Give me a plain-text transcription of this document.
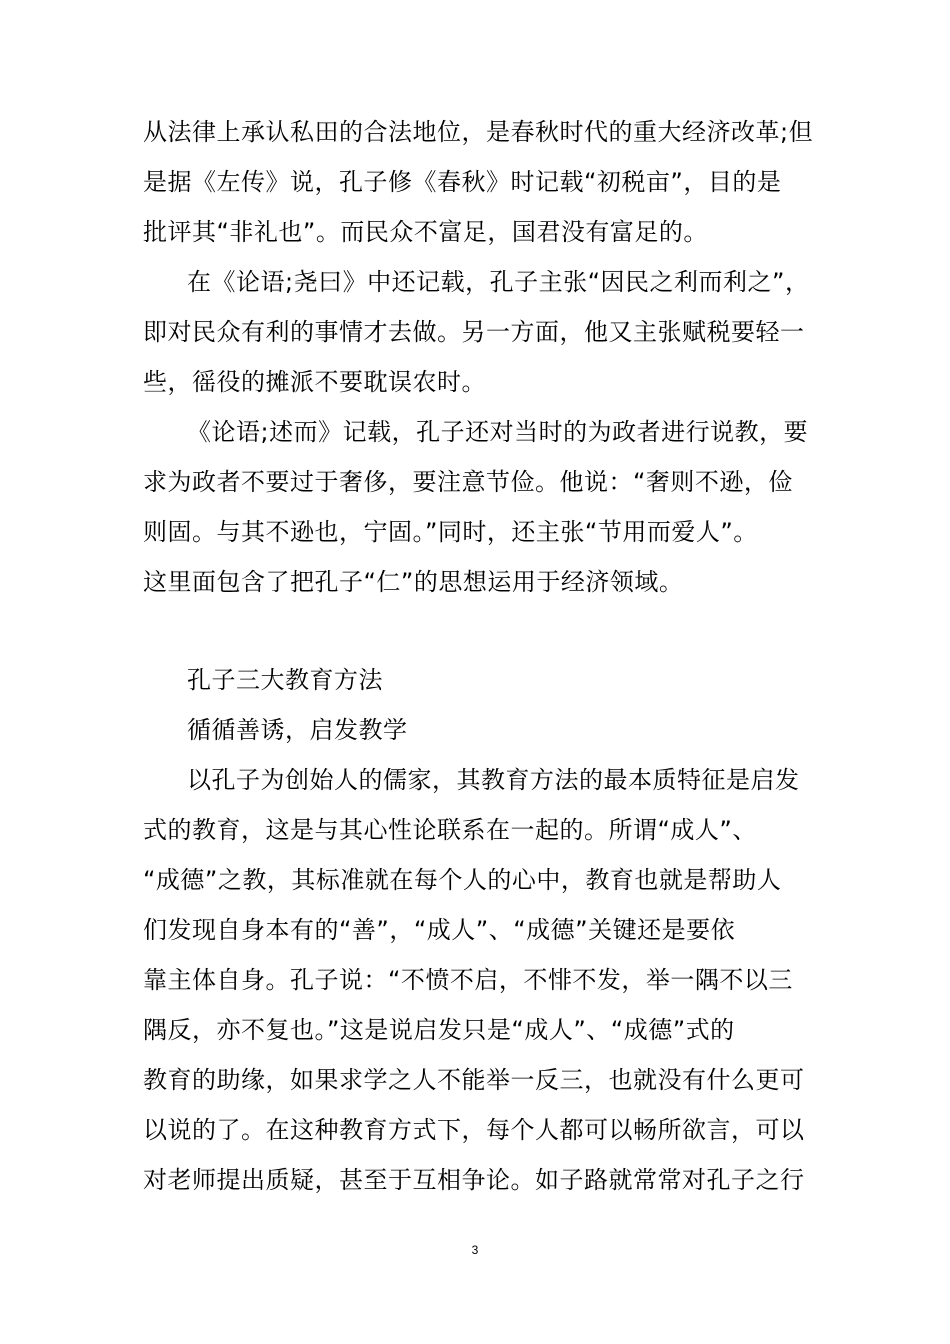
从法律上承认私田的合法地位，是春秋时代的重大经济改革;但
是据《左传》说，孔子修《春秋》时记载“初税亩”，目的是
批评其“非礼也”。而民众不富足，国君没有富足的。
在《论语;尧曰》中还记载，孔子主张“因民之利而利之”，
即对民众有利的事情才去做。另一方面，他又主张赋税要轻一
些，徭役的摊派不要耽误农时。
《论语;述而》记载，孔子还对当时的为政者进行说教，要
求为政者不要过于奢侈，要注意节俭。他说：“奢则不逊，俭
则固。与其不逊也，宁固。”同时，还主张“节用而爱人”。
这里面包含了把孔子“仁”的思想运用于经济领域。
孔子三大教育方法
循循善诱，启发教学
以孔子为创始人的儒家，其教育方法的最本质特征是启发
式的教育，这是与其心性论联系在一起的。所谓“成人”、
“成德”之教，其标准就在每个人的心中，教育也就是帮助人
们发现自身本有的“善”，“成人”、“成德”关键还是要依
靠主体自身。孔子说：“不愤不启，不悱不发，举一隅不以三
隅反，亦不复也。”这是说启发只是“成人”、“成德”式的
教育的助缘，如果求学之人不能举一反三，也就没有什么更可
以说的了。在这种教育方式下，每个人都可以畅所欲言，可以
对老师提出质疑，甚至于互相争论。如子路就常常对孔子之行
3
